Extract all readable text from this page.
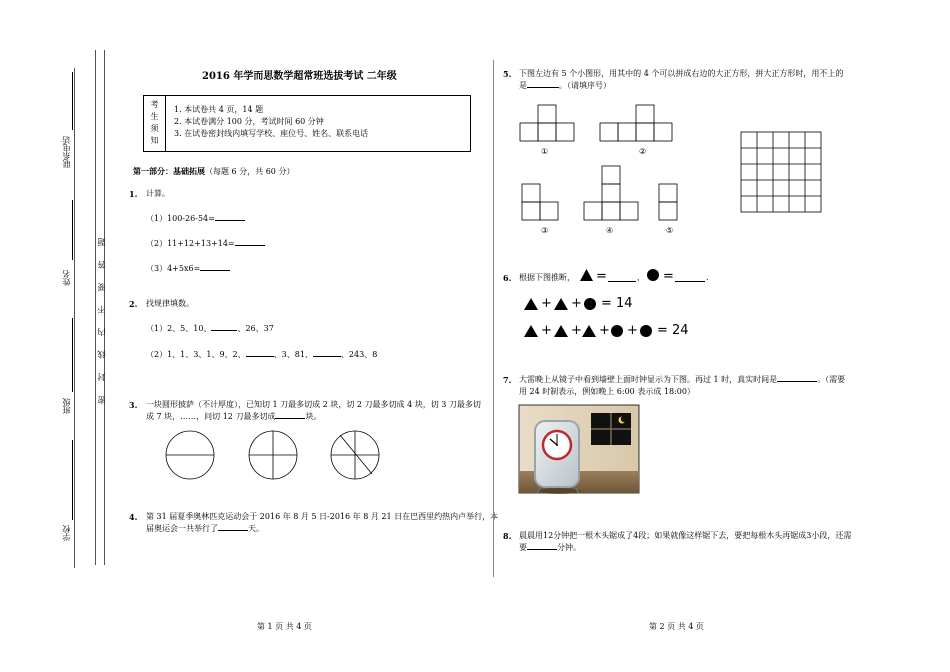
联系电话
姓名
班级
学校
密 封 线 内 不 要 答 题
2016 年学而思数学超常班选拔考试 二年级
考
生
须
知
1. 本试卷共 4 页，14 题
2. 本试卷满分 100 分，考试时间 60 分钟
3. 在试卷密封线内填写学校、座位号、姓名、联系电话
第一部分：基础拓展（每题 6 分，共 60 分）
1. 计算。
（1）100-26-54=
（2）11+12+13+14=
（3）4+5x6=
2. 找规律填数。
（1）2、5、10、	、26、37
（2）1、1、3、1、9、2、	、3、81、	、243、8
3. 一块圆形披萨（不计厚度），已知切 1 刀最多切成 2 块，切 2 刀最多切成 4 块，切 3 刀最多切
成 7 块，……，问切 12 刀最多切成	块。
4. 第 31 届夏季奥林匹克运动会于 2016 年 8 月 5 日-2016 年 8 月 21 日在巴西里约热内卢举行，本
届奥运会一共举行了	天。
5. 下图左边有 5 个小图形，用其中的 4 个可以拼成右边的大正方形，拼大正方形时，用不上的
是	。（请填序号）
①	②
③	④	⑤
6. 根据下图推断， =	， =	.
+ + = 14
+ + + + = 24
7. 大雷晚上从镜子中看到墙壁上面时钟显示为下图。再过 1 时，真实时间是	。（需要
用 24 时制表示，例如晚上 6:00 表示成 18:00）
8. 晨晨用12分钟把一根木头锯成了4段；如果就像这样锯下去，要把每根木头再锯成3小段，还需
要	分钟。
第 1 页 共 4 页	第 2 页 共 4 页
